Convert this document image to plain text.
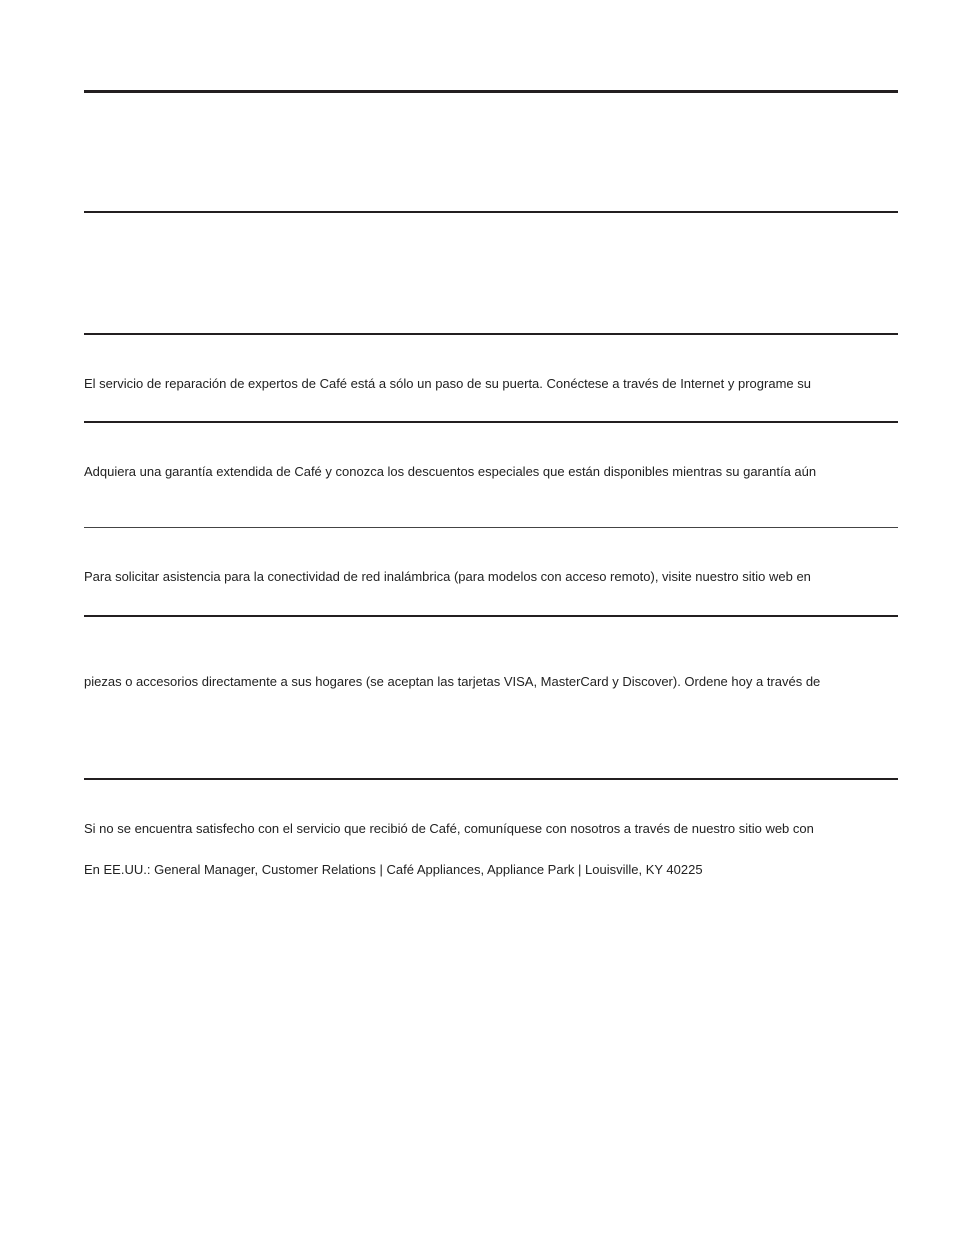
El servicio de reparación de expertos de Café está a sólo un paso de su puerta. Conéctese a través de Internet y programe su
Adquiera una garantía extendida de Café y conozca los descuentos especiales que están disponibles mientras su garantía aún
Para solicitar asistencia para la conectividad de red inalámbrica (para modelos con acceso remoto), visite nuestro sitio web en
piezas o accesorios directamente a sus hogares (se aceptan las tarjetas VISA, MasterCard y Discover). Ordene hoy a través de
Si no se encuentra satisfecho con el servicio que recibió de Café, comuníquese con nosotros a través de nuestro sitio web con
En EE.UU.: General Manager, Customer Relations | Café Appliances, Appliance Park | Louisville, KY 40225
